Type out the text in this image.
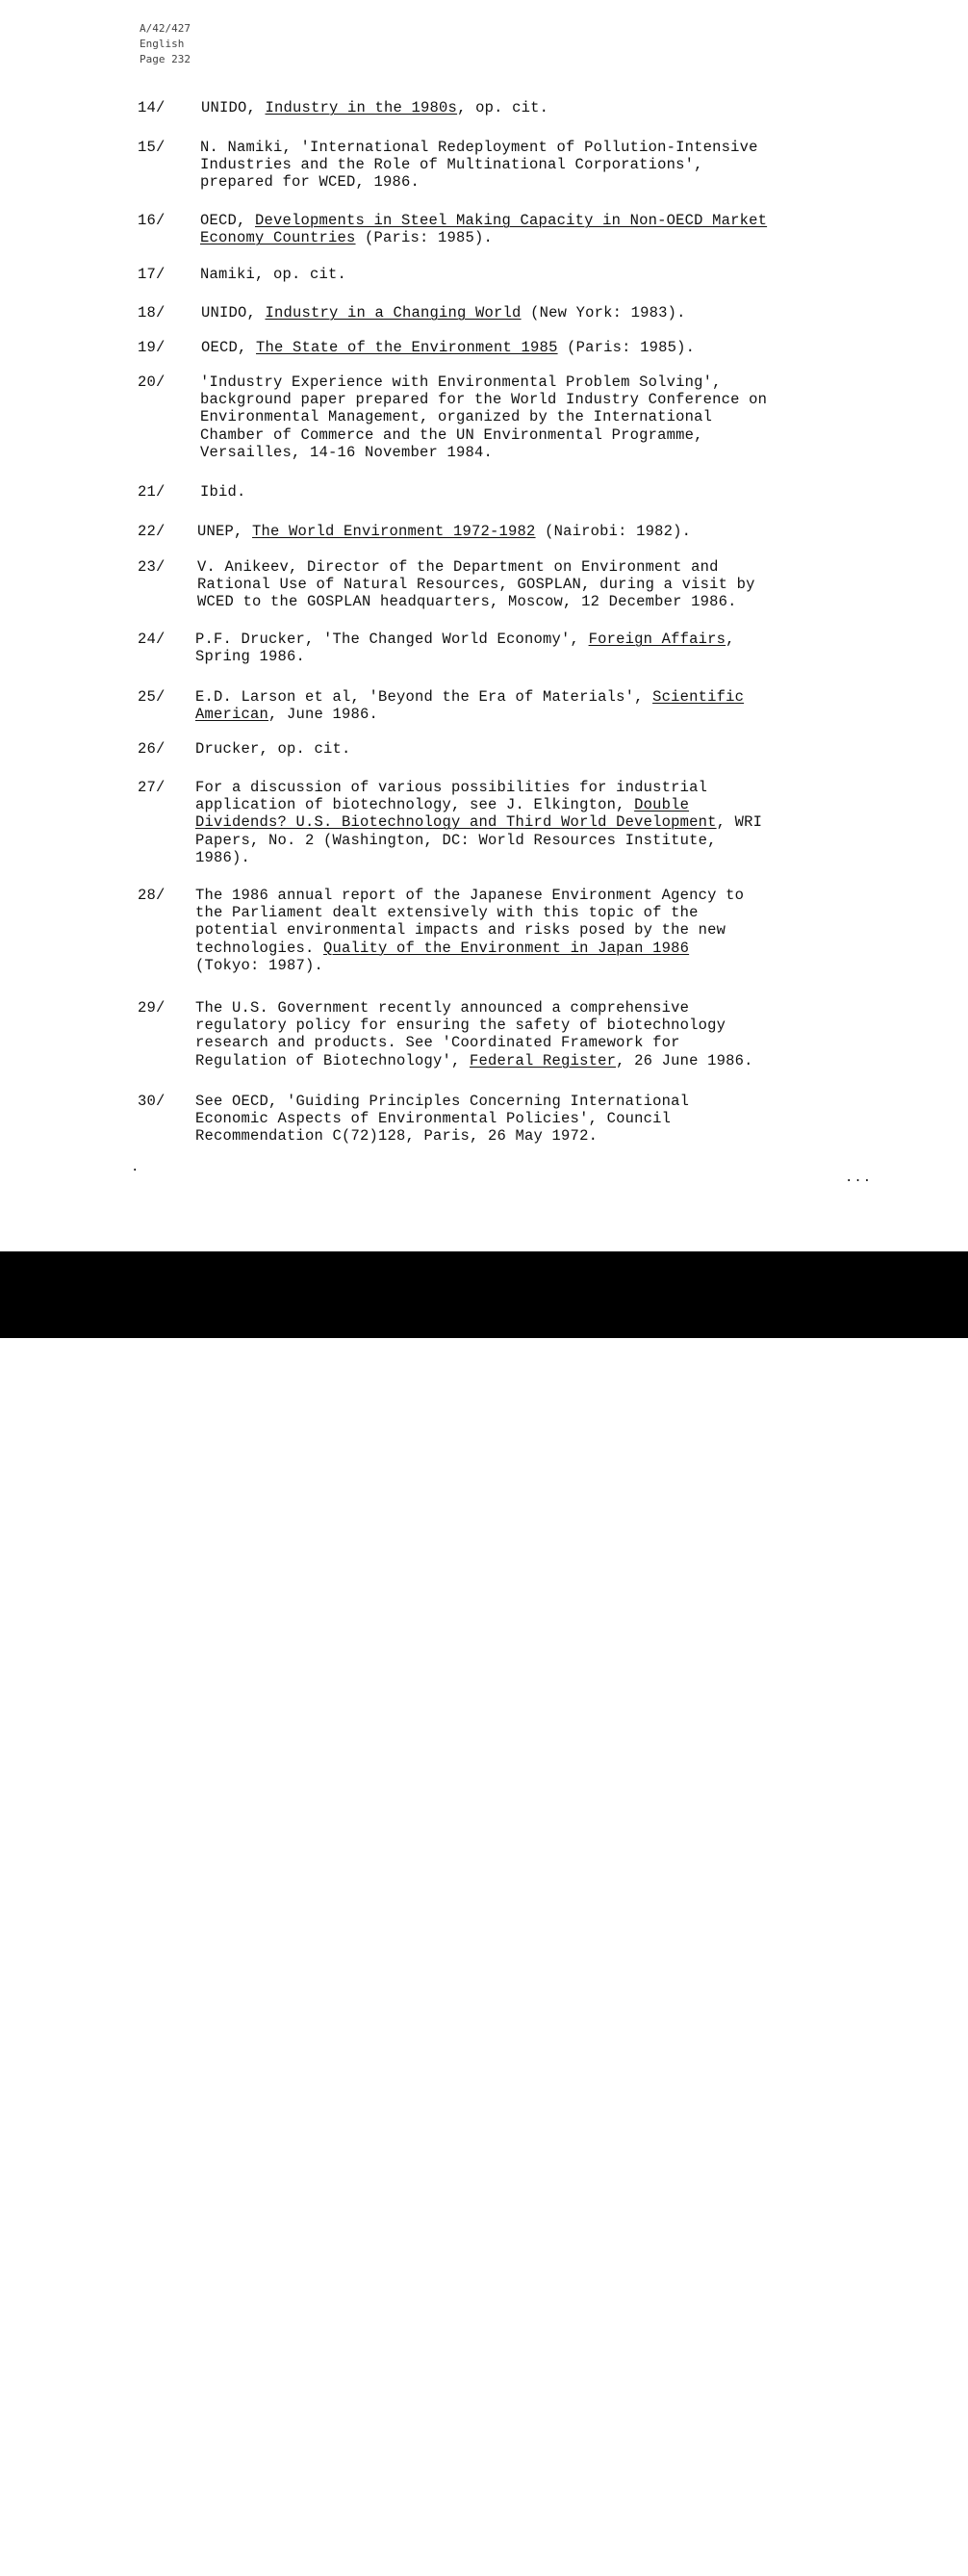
A/42/427
English
Page 232
14/	UNIDO, Industry in the 1980s, op. cit.
15/	N. Namiki, 'International Redeployment of Pollution-Intensive
Industries and the Role of Multinational Corporations',
prepared for WCED, 1986.
16/	OECD, Developments in Steel Making Capacity in Non-OECD Market
Economy Countries (Paris: 1985).
17/	Namiki, op. cit.
18/	UNIDO, Industry in a Changing World (New York: 1983).
19/	OECD, The State of the Environment 1985 (Paris: 1985).
20/	'Industry Experience with Environmental Problem Solving',
background paper prepared for the World Industry Conference on
Environmental Management, organized by the International
Chamber of Commerce and the UN Environmental Programme,
Versailles, 14-16 November 1984.
21/	Ibid.
22/	UNEP, The World Environment 1972-1982 (Nairobi: 1982).
23/	V. Anikeev, Director of the Department on Environment and
Rational Use of Natural Resources, GOSPLAN, during a visit by
WCED to the GOSPLAN headquarters, Moscow, 12 December 1986.
24/	P.F. Drucker, 'The Changed World Economy', Foreign Affairs,
Spring 1986.
25/	E.D. Larson et al, 'Beyond the Era of Materials', Scientific
American, June 1986.
26/	Drucker, op. cit.
27/	For a discussion of various possibilities for industrial
application of biotechnology, see J. Elkington, Double
Dividends? U.S. Biotechnology and Third World Development, WRI
Papers, No. 2 (Washington, DC: World Resources Institute,
1986).
28/	The 1986 annual report of the Japanese Environment Agency to
the Parliament dealt extensively with this topic of the
potential environmental impacts and risks posed by the new
technologies. Quality of the Environment in Japan 1986
(Tokyo: 1987).
29/	The U.S. Government recently announced a comprehensive
regulatory policy for ensuring the safety of biotechnology
research and products. See 'Coordinated Framework for
Regulation of Biotechnology', Federal Register, 26 June 1986.
30/	See OECD, 'Guiding Principles Concerning International
Economic Aspects of Environmental Policies', Council
Recommendation C(72)128, Paris, 26 May 1972.
.
...
alamy	P2DY2E
www.alamy.com
